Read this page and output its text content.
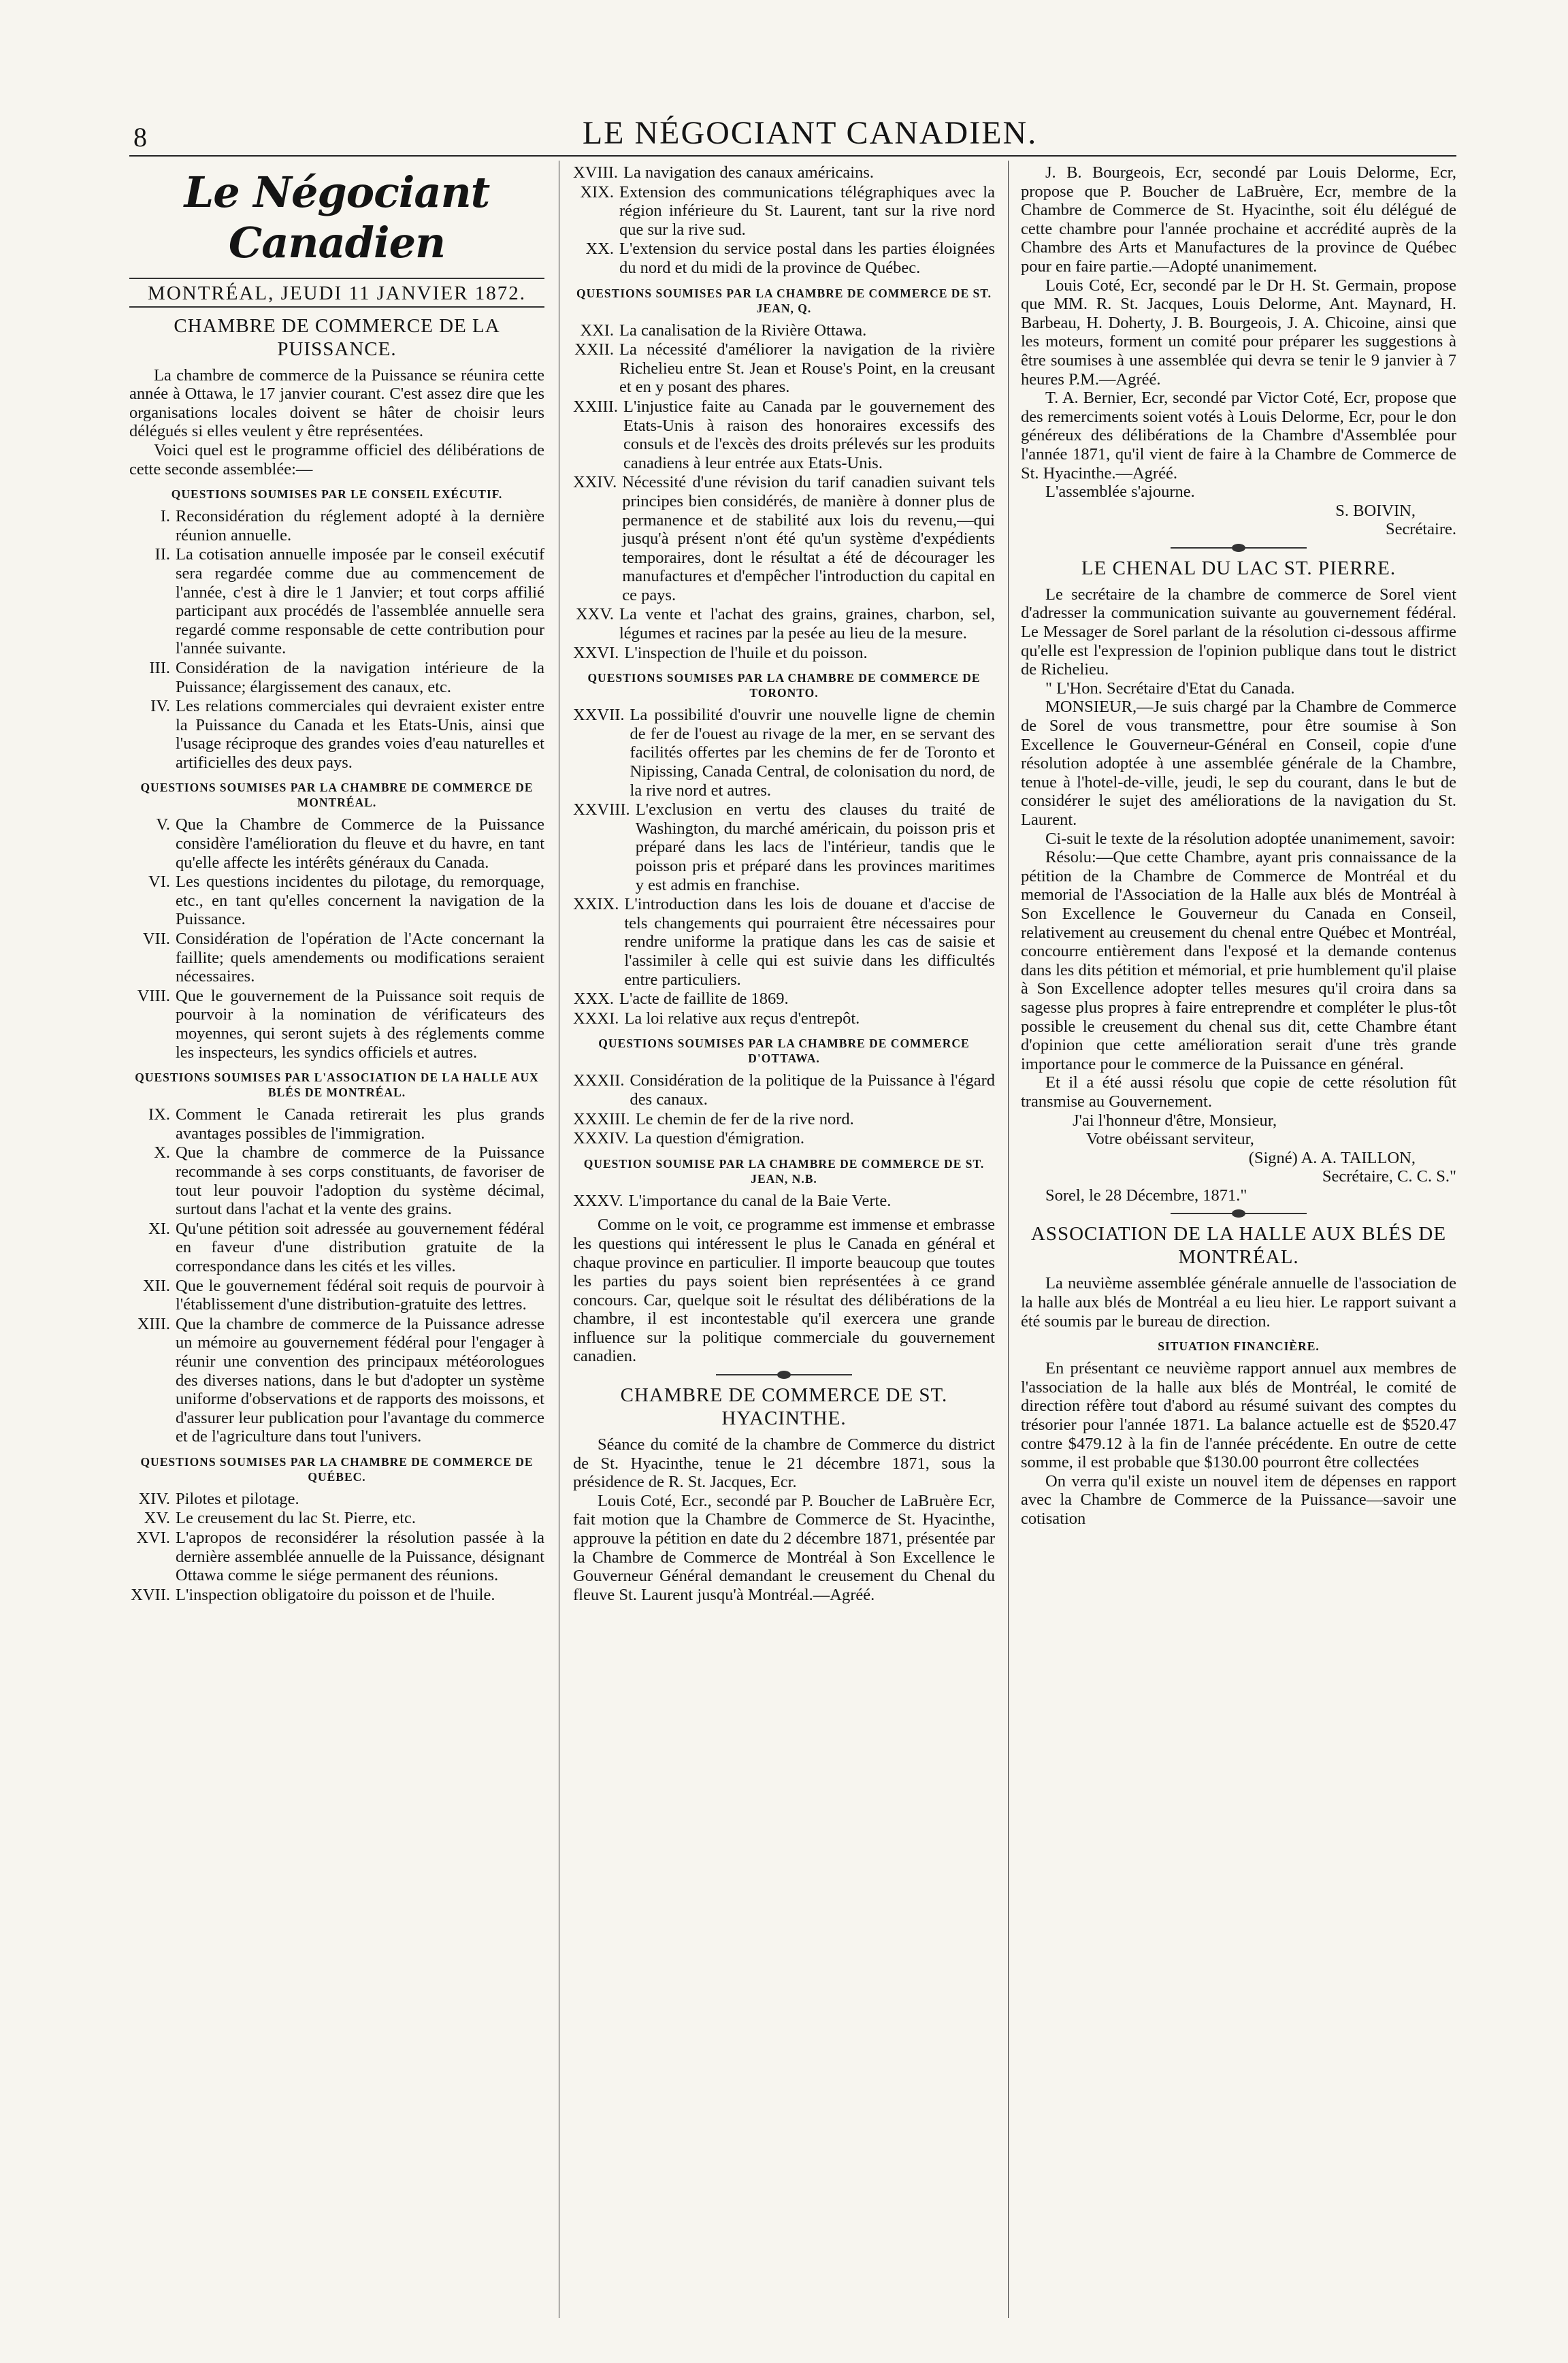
8	LE NÉGOCIANT CANADIEN.
Le Négociant Canadien
MONTRÉAL, JEUDI 11 JANVIER 1872.
CHAMBRE DE COMMERCE DE LA PUISSANCE.

La chambre de commerce de la Puissance se réunira cette année à Ottawa, le 17 janvier courant. C'est assez dire que les organisations locales doivent se hâter de choisir leurs délégués si elles veulent y être représentées.

Voici quel est le programme officiel des délibérations de cette seconde assemblée:—

QUESTIONS SOUMISES PAR LE CONSEIL EXÉCUTIF.
I. Reconsidération du réglement adopté à la dernière réunion annuelle.
II. La cotisation annuelle imposée par le conseil exécutif sera regardée comme due au commencement de l'année, c'est à dire le 1 Janvier; et tout corps affilié participant aux procédés de l'assemblée annuelle sera regardé comme responsable de cette contribution pour l'année suivante.
III. Considération de la navigation intérieure de la Puissance; élargissement des canaux, etc.
IV. Les relations commerciales qui devraient exister entre la Puissance du Canada et les Etats-Unis, ainsi que l'usage réciproque des grandes voies d'eau naturelles et artificielles des deux pays.
QUESTIONS SOUMISES PAR LA CHAMBRE DE COMMERCE DE MONTRÉAL.
V. Que la Chambre de Commerce de la Puissance considère l'amélioration du fleuve et du havre, en tant qu'elle affecte les intérêts généraux du Canada.
VI. Les questions incidentes du pilotage, du remorquage, etc., en tant qu'elles concernent la navigation de la Puissance.
VII. Considération de l'opération de l'Acte concernant la faillite; quels amendements ou modifications seraient nécessaires.
VIII. Que le gouvernement de la Puissance soit requis de pourvoir à la nomination de vérificateurs des moyennes, qui seront sujets à des réglements comme les inspecteurs, les syndics officiels et autres.
QUESTIONS SOUMISES PAR L'ASSOCIATION DE LA HALLE AUX BLÉS DE MONTRÉAL.
IX. Comment le Canada retirerait les plus grands avantages possibles de l'immigration.
X. Que la chambre de commerce de la Puissance recommande à ses corps constituants, de favoriser de tout leur pouvoir l'adoption du système décimal, surtout dans l'achat et la vente des grains.
XI. Qu'une pétition soit adressée au gouvernement fédéral en faveur d'une distribution gratuite de la correspondance dans les cités et les villes.
XII. Que le gouvernement fédéral soit requis de pourvoir à l'établissement d'une distribution-gratuite des lettres.
XIII. Que la chambre de commerce de la Puissance adresse un mémoire au gouvernement fédéral pour l'engager à réunir une convention des principaux météorologues des diverses nations, dans le but d'adopter un système uniforme d'observations et de rapports des moissons, et d'assurer leur publication pour l'avantage du commerce et de l'agriculture dans tout l'univers.
QUESTIONS SOUMISES PAR LA CHAMBRE DE COMMERCE DE QUÉBEC.
XIV. Pilotes et pilotage.
XV. Le creusement du lac St. Pierre, etc.
XVI. L'apropos de reconsidérer la résolution passée à la dernière assemblée annuelle de la Puissance, désignant Ottawa comme le siége permanent des réunions.
XVII. L'inspection obligatoire du poisson et de l'huile.
XVIII. La navigation des canaux américains.
XIX. Extension des communications télégraphiques avec la région inférieure du St. Laurent, tant sur la rive nord que sur la rive sud.
XX. L'extension du service postal dans les parties éloignées du nord et du midi de la province de Québec.
QUESTIONS SOUMISES PAR LA CHAMBRE DE COMMERCE DE ST. JEAN, Q.
XXI. La canalisation de la Rivière Ottawa.
XXII. La nécessité d'améliorer la navigation de la rivière Richelieu entre St. Jean et Rouse's Point, en la creusant et en y posant des phares.
XXIII. L'injustice faite au Canada par le gouvernement des Etats-Unis à raison des honoraires excessifs des consuls et de l'excès des droits prélevés sur les produits canadiens à leur entrée aux Etats-Unis.
XXIV. Nécessité d'une révision du tarif canadien suivant tels principes bien considérés, de manière à donner plus de permanence et de stabilité aux lois du revenu,—qui jusqu'à présent n'ont été qu'un système d'expédients temporaires, dont le résultat a été de décourager les manufactures et d'empêcher l'introduction du capital en ce pays.
XXV. La vente et l'achat des grains, graines, charbon, sel, légumes et racines par la pesée au lieu de la mesure.
XXVI. L'inspection de l'huile et du poisson.
QUESTIONS SOUMISES PAR LA CHAMBRE DE COMMERCE DE TORONTO.
XXVII. La possibilité d'ouvrir une nouvelle ligne de chemin de fer de l'ouest au rivage de la mer, en se servant des facilités offertes par les chemins de fer de Toronto et Nipissing, Canada Central, de colonisation du nord, de la rive nord et autres.
XXVIII. L'exclusion en vertu des clauses du traité de Washington, du marché américain, du poisson pris et préparé dans les lacs de l'intérieur, tandis que le poisson pris et préparé dans les provinces maritimes y est admis en franchise.
XXIX. L'introduction dans les lois de douane et d'accise de tels changements qui pourraient être nécessaires pour rendre uniforme la pratique dans les cas de saisie et l'assimiler à celle qui est suivie dans les difficultés entre particuliers.
XXX. L'acte de faillite de 1869.
XXXI. La loi relative aux reçus d'entrepôt.
QUESTIONS SOUMISES PAR LA CHAMBRE DE COMMERCE D'OTTAWA.
XXXII. Considération de la politique de la Puissance à l'égard des canaux.
XXXIII. Le chemin de fer de la rive nord.
XXXIV. La question d'émigration.
QUESTION SOUMISE PAR LA CHAMBRE DE COMMERCE DE ST. JEAN, N.B.
XXXV. L'importance du canal de la Baie Verte.

Comme on le voit, ce programme est immense et embrasse les questions qui intéressent le plus le Canada en général et chaque province en particulier. Il importe beaucoup que toutes les parties du pays soient bien représentées à ce grand concours. Car, quelque soit le résultat des délibérations de la chambre, il est incontestable qu'il exercera une grande influence sur la politique commerciale du gouvernement canadien.

CHAMBRE DE COMMERCE DE ST. HYACINTHE.

Séance du comité de la chambre de Commerce du district de St. Hyacinthe, tenue le 21 décembre 1871, sous la présidence de R. St. Jacques, Ecr.

Louis Coté, Ecr., secondé par P. Boucher de LaBruère Ecr, fait motion que la Chambre de Commerce de St. Hyacinthe, approuve la pétition en date du 2 décembre 1871, présentée par la Chambre de Commerce de Montréal à Son Excellence le Gouverneur Général demandant le creusement du Chenal du fleuve St. Laurent jusqu'à Montréal.—Agréé.

J. B. Bourgeois, Ecr, secondé par Louis Delorme, Ecr, propose que P. Boucher de LaBruère, Ecr, membre de la Chambre de Commerce de St. Hyacinthe, soit élu délégué de cette chambre pour l'année prochaine et accrédité auprès de la Chambre des Arts et Manufactures de la province de Québec pour en faire partie.—Adopté unanimement.

Louis Coté, Ecr, secondé par le Dr H. St. Germain, propose que MM. R. St. Jacques, Louis Delorme, Ant. Maynard, H. Barbeau, H. Doherty, J. B. Bourgeois, J. A. Chicoine, ainsi que les moteurs, forment un comité pour préparer les suggestions à être soumises à une assemblée qui devra se tenir le 9 janvier à 7 heures P.M.—Agréé.

T. A. Bernier, Ecr, secondé par Victor Coté, Ecr, propose que des remerciments soient votés à Louis Delorme, Ecr, pour le don généreux des délibérations de la Chambre d'Assemblée pour l'année 1871, qu'il vient de faire à la Chambre de Commerce de St. Hyacinthe.—Agréé.

L'assemblée s'ajourne.

S. BOIVIN,

Secrétaire.

LE CHENAL DU LAC ST. PIERRE.

Le secrétaire de la chambre de commerce de Sorel vient d'adresser la communication suivante au gouvernement fédéral. Le Messager de Sorel parlant de la résolution ci-dessous affirme qu'elle est l'expression de l'opinion publique dans tout le district de Richelieu.

" L'Hon. Secrétaire d'Etat du Canada.

MONSIEUR,—Je suis chargé par la Chambre de Commerce de Sorel de vous transmettre, pour être soumise à Son Excellence le Gouverneur-Général en Conseil, copie d'une résolution adoptée à une assemblée générale de la Chambre, tenue à l'hotel-de-ville, jeudi, le sep du courant, dans le but de considérer le sujet des améliorations de la navigation du St. Laurent.

Ci-suit le texte de la résolution adoptée unanimement, savoir:

Résolu:—Que cette Chambre, ayant pris connaissance de la pétition de la Chambre de Commerce de Montréal et du memorial de l'Association de la Halle aux blés de Montréal à Son Excellence le Gouverneur du Canada en Conseil, relativement au creusement du chenal entre Québec et Montréal, concourre entièrement dans l'exposé et la demande contenus dans les dits pétition et mémorial, et prie humblement qu'il plaise à Son Excellence adopter telles mesures qu'il croira dans sa sagesse plus propres à faire entreprendre et compléter le plus-tôt possible le creusement du chenal sus dit, cette Chambre étant d'opinion que cette amélioration serait d'une très grande importance pour le commerce de la Puissance en général.

Et il a été aussi résolu que copie de cette résolution fût transmise au Gouvernement.

J'ai l'honneur d'être, Monsieur,

Votre obéissant serviteur,

(Signé) A. A. TAILLON,

Secrétaire, C. C. S."

Sorel, le 28 Décembre, 1871."

ASSOCIATION DE LA HALLE AUX BLÉS DE MONTRÉAL.

La neuvième assemblée générale annuelle de l'association de la halle aux blés de Montréal a eu lieu hier. Le rapport suivant a été soumis par le bureau de direction.

SITUATION FINANCIÈRE.

En présentant ce neuvième rapport annuel aux membres de l'association de la halle aux blés de Montréal, le comité de direction réfère tout d'abord au résumé suivant des comptes du trésorier pour l'année 1871. La balance actuelle est de $520.47 contre $479.12 à la fin de l'année précédente. En outre de cette somme, il est probable que $130.00 pourront être collectées

On verra qu'il existe un nouvel item de dépenses en rapport avec la Chambre de Commerce de la Puissance—savoir une cotisation
